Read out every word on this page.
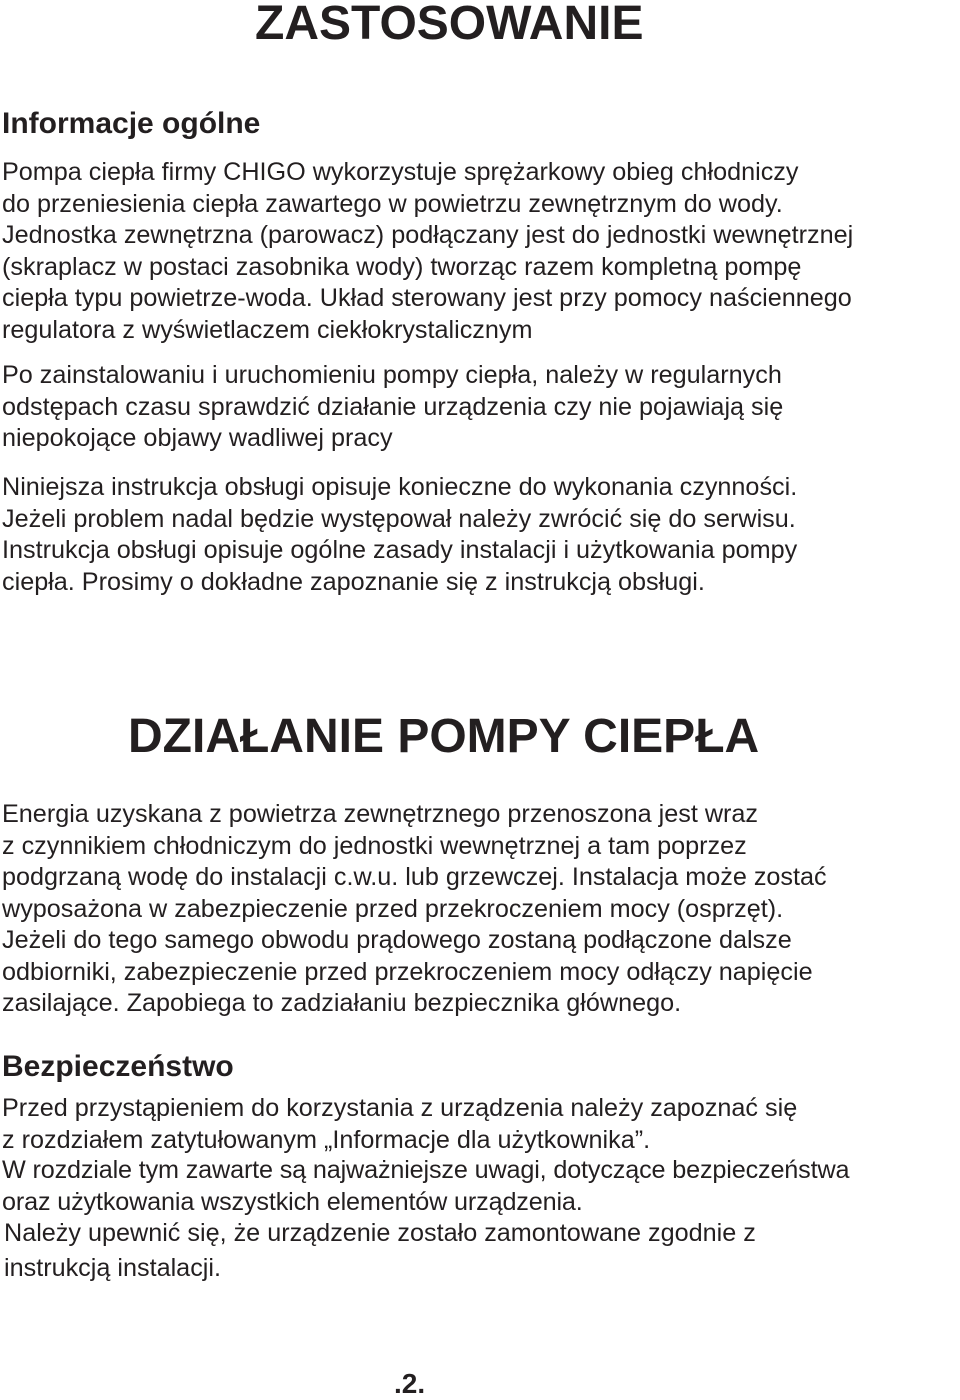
ZASTOSOWANIE
Informacje ogólne
Pompa ciepła firmy CHIGO wykorzystuje sprężarkowy obieg chłodniczy
do przeniesienia ciepła zawartego w powietrzu zewnętrznym do wody.
Jednostka zewnętrzna (parowacz) podłączany jest do jednostki wewnętrznej
(skraplacz w postaci zasobnika wody) tworząc razem kompletną pompę
ciepła typu powietrze-woda. Układ sterowany jest przy pomocy naściennego
regulatora z wyświetlaczem ciekłokrystalicznym
Po zainstalowaniu i uruchomieniu pompy ciepła, należy w regularnych
odstępach czasu sprawdzić działanie urządzenia czy nie pojawiają się
niepokojące objawy wadliwej pracy
Niniejsza instrukcja obsługi opisuje konieczne do wykonania czynności.
Jeżeli problem nadal będzie występował należy zwrócić się do serwisu.
Instrukcja obsługi opisuje ogólne zasady instalacji i użytkowania pompy
ciepła. Prosimy o dokładne zapoznanie się z instrukcją obsługi.
DZIAŁANIE POMPY CIEPŁA
Energia uzyskana z powietrza zewnętrznego przenoszona jest wraz
z czynnikiem chłodniczym do jednostki wewnętrznej a tam poprzez
podgrzaną wodę do instalacji c.w.u. lub grzewczej. Instalacja może zostać
wyposażona w zabezpieczenie przed przekroczeniem mocy (osprzęt).
Jeżeli do tego samego obwodu prądowego zostaną podłączone dalsze
odbiorniki, zabezpieczenie przed przekroczeniem mocy odłączy napięcie
zasilające. Zapobiega to zadziałaniu bezpiecznika głównego.
Bezpieczeństwo
Przed przystąpieniem do korzystania z urządzenia należy zapoznać się
z rozdziałem zatytułowanym „Informacje dla użytkownika”.
W rozdziale tym zawarte są najważniejsze uwagi, dotyczące bezpieczeństwa
oraz użytkowania wszystkich elementów urządzenia.
Należy upewnić się, że urządzenie zostało zamontowane zgodnie z
instrukcją instalacji.
.2.
